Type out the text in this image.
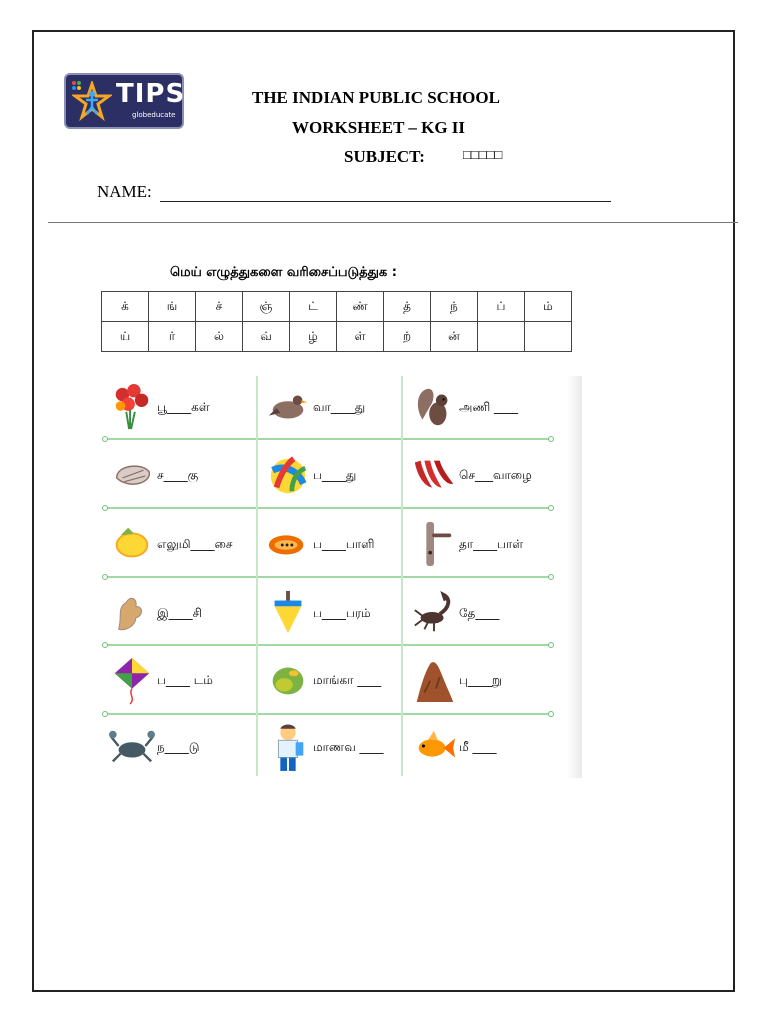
TIPS
globeducate
THE INDIAN PUBLIC SCHOOL
WORKSHEET – KG II
SUBJECT:	□□□□□
NAME:
மெய் எழுத்துகளை வரிசைப்படுத்துக :
க்	ங்	ச்	ஞ்	ட்	ண்	த்	ந்	ப்	ம்
ய்	ர்	ல்	வ்	ழ்	ள்	ற்	ன்		
பூ____கள்	வா____து	அணி ____
ச____கு	ப____து	செ___வாழை
எலுமி____சை	ப____பாளி	தா____பாள்
இ____சி	ப____பரம்	தே____
ப____ டம்	மாங்கா ____	பு____று
ந____டு	மாணவ ____	மீ ____
